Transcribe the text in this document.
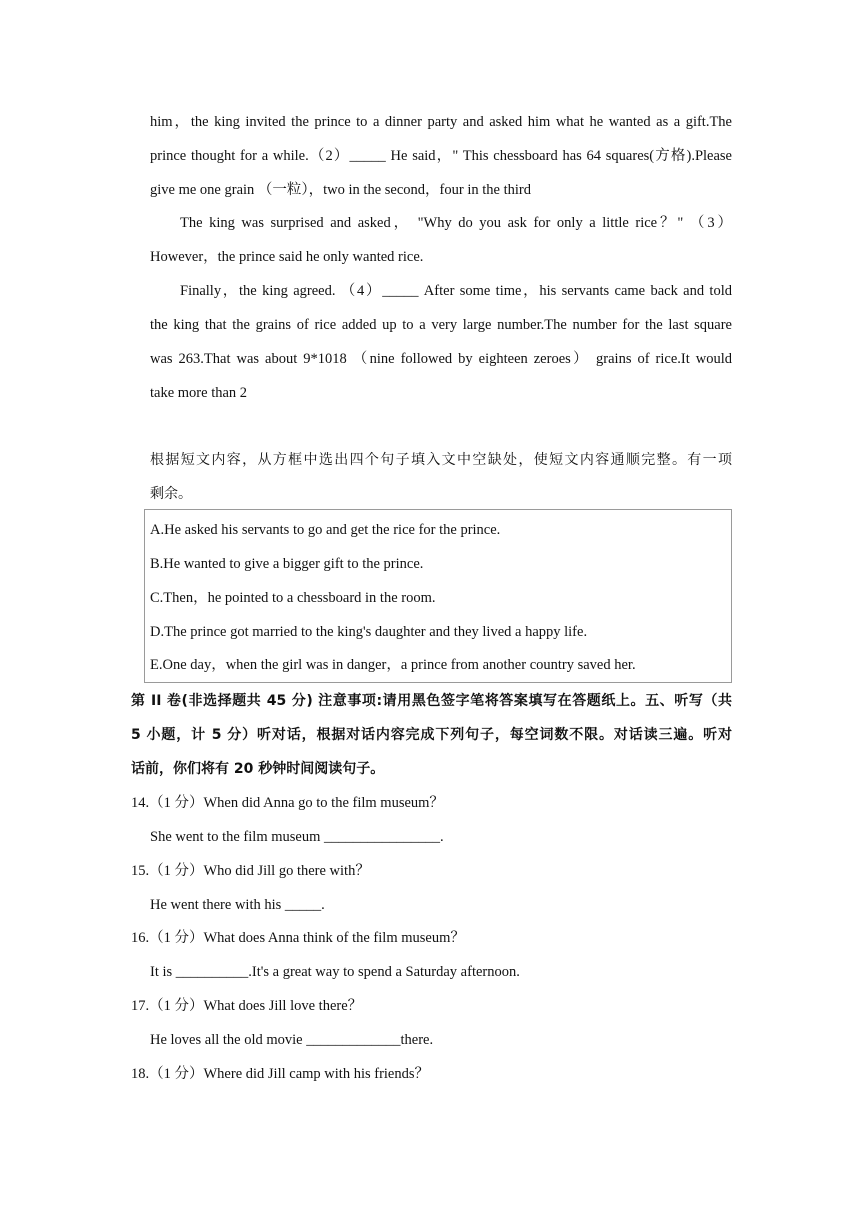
him，the king invited the prince to a dinner party and asked him what he wanted as a gift.The
prince thought for a while.（2）_____ He said，" This chessboard has 64 squares(方格).Please
give me one grain （一粒），two in the second，four in the third
The king was surprised and asked， "Why do you ask for only a little rice？" （3）
However，the prince said he only wanted rice.
Finally，the king agreed. （4）_____ After some time，his servants came back and told
the king that the grains of rice added up to a very large number.The number for the last square
was 263.That was about 9*1018 （nine followed by eighteen zeroes） grains of rice.It would
take more than 2
根据短文内容，从方框中选出四个句子填入文中空缺处，使短文内容通顺完整。有一项
剩余。
A.He asked his servants to go and get the rice for the prince.
B.He wanted to give a bigger gift to the prince.
C.Then，he pointed to a chessboard in the room.
D.The prince got married to the king's daughter and they lived a happy life.
E.One day，when the girl was in danger，a prince from another country saved her.
第 II 卷(非选择题共 45 分) 注意事项:请用黑色签字笔将答案填写在答题纸上。五、听写（共
5 小题，计 5 分）听对话，根据对话内容完成下列句子，每空词数不限。对话读三遍。听对
话前，你们将有 20 秒钟时间阅读句子。
14.（1 分）When did Anna go to the film museum？
She went to the film museum ________________.
15.（1 分）Who did Jill go there with？
He went there with his _____.
16.（1 分）What does Anna think of the film museum？
It is __________.It's a great way to spend a Saturday afternoon.
17.（1 分）What does Jill love there？
He loves all the old movie _____________there.
18.（1 分）Where did Jill camp with his friends？
